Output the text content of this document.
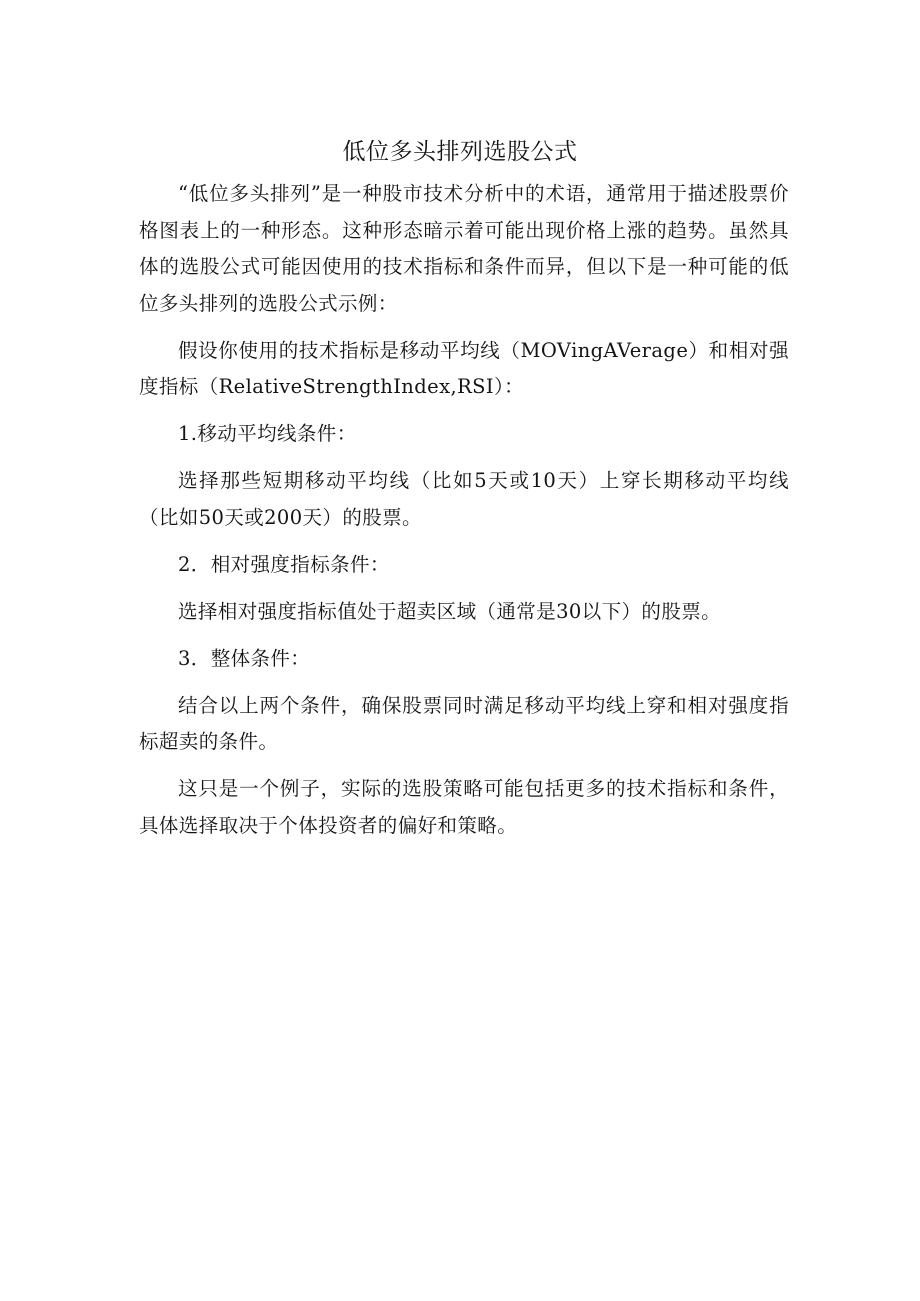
低位多头排列选股公式

“低位多头排列”是一种股市技术分析中的术语，通常用于描述股票价格图表上的一种形态。这种形态暗示着可能出现价格上涨的趋势。虽然具体的选股公式可能因使用的技术指标和条件而异，但以下是一种可能的低位多头排列的选股公式示例：

假设你使用的技术指标是移动平均线（MOVingAVerage）和相对强度指标（RelativeStrengthIndex,RSI）：

1.移动平均线条件：

选择那些短期移动平均线（比如5天或10天）上穿长期移动平均线（比如50天或200天）的股票。

2．相对强度指标条件：

选择相对强度指标值处于超卖区域（通常是30以下）的股票。

3．整体条件：

结合以上两个条件，确保股票同时满足移动平均线上穿和相对强度指标超卖的条件。

这只是一个例子，实际的选股策略可能包括更多的技术指标和条件，具体选择取决于个体投资者的偏好和策略。
